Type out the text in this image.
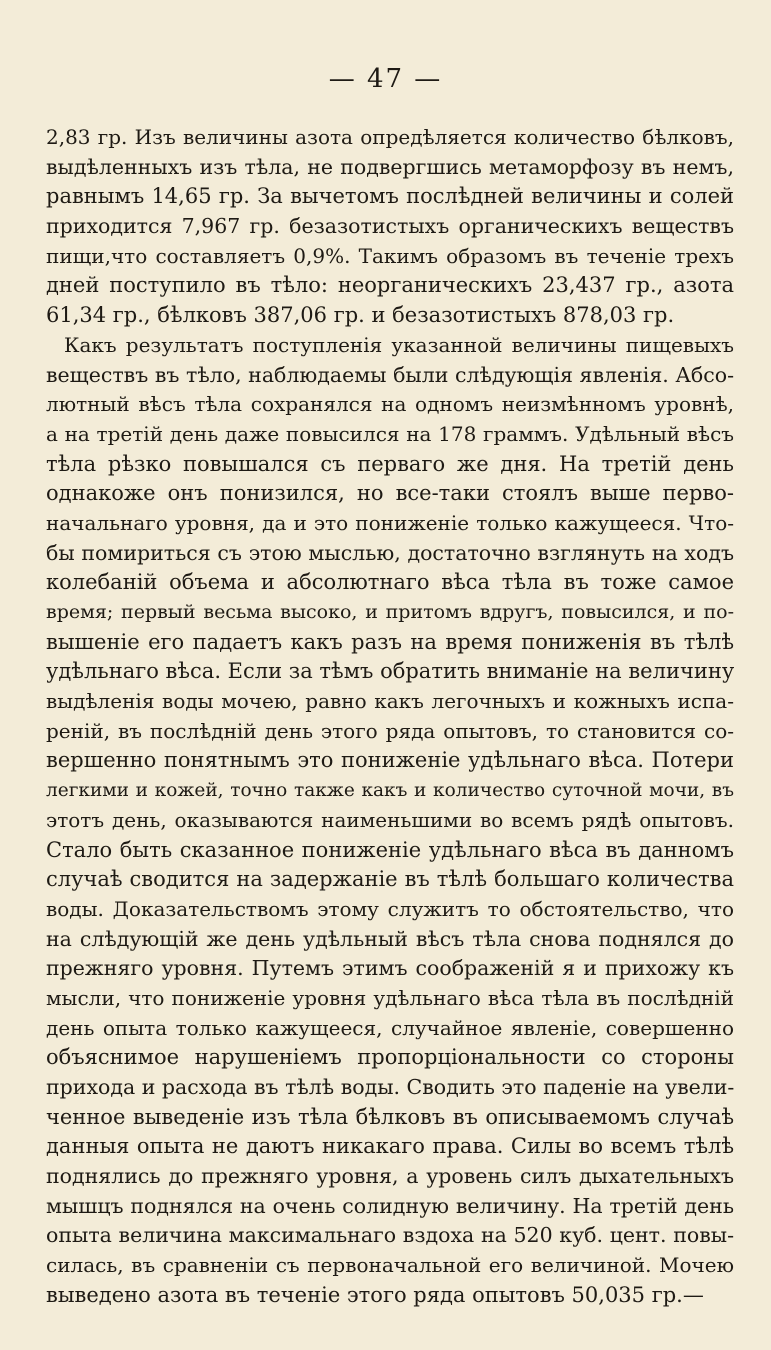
— 47 —
2,83 гр. Изъ величины азота опредѣляется количество бѣлковъ,
выдѣленныхъ изъ тѣла, не подвергшись метаморфозу въ немъ,
равнымъ 14,65 гр. За вычетомъ послѣдней величины и солей
приходится 7,967 гр. безазотистыхъ органическихъ веществъ
пищи,что составляетъ 0,9%. Такимъ образомъ въ теченіе трехъ
дней поступило въ тѣло: неорганическихъ 23,437 гр., азота
61,34 гр., бѣлковъ 387,06 гр. и безазотистыхъ 878,03 гр.
Какъ результатъ поступленія указанной величины пищевыхъ
веществъ въ тѣло, наблюдаемы были слѣдующія явленія. Абсо-
лютный вѣсъ тѣла сохранялся на одномъ неизмѣнномъ уровнѣ,
а на третій день даже повысился на 178 граммъ. Удѣльный вѣсъ
тѣла рѣзко повышался съ перваго же дня. На третій день
однакоже онъ понизился, но все-таки стоялъ выше перво-
начальнаго уровня, да и это пониженіе только кажущееся. Что-
бы помириться съ этою мыслью, достаточно взглянуть на ходъ
колебаній объема и абсолютнаго вѣса тѣла въ тоже самое
время; первый весьма высоко, и притомъ вдругъ, повысился, и по-
вышеніе его падаетъ какъ разъ на время пониженія въ тѣлѣ
удѣльнаго вѣса. Если за тѣмъ обратить вниманіе на величину
выдѣленія воды мочею, равно какъ легочныхъ и кожныхъ испа-
реній, въ послѣдній день этого ряда опытовъ, то становится со-
вершенно понятнымъ это пониженіе удѣльнаго вѣса. Потери
легкими и кожей, точно также какъ и количество суточной мочи, въ
этотъ день, оказываются наименьшими во всемъ рядѣ опытовъ.
Стало быть сказанное пониженіе удѣльнаго вѣса въ данномъ
случаѣ сводится на задержаніе въ тѣлѣ большаго количества
воды. Доказательствомъ этому служитъ то обстоятельство, что
на слѣдующій же день удѣльный вѣсъ тѣла снова поднялся до
прежняго уровня. Путемъ этимъ соображеній я и прихожу къ
мысли, что пониженіе уровня удѣльнаго вѣса тѣла въ послѣдній
день опыта только кажущееся, случайное явленіе, совершенно
объяснимое нарушеніемъ пропорціональности со стороны
прихода и расхода въ тѣлѣ воды. Сводить это паденіе на увели-
ченное выведеніе изъ тѣла бѣлковъ въ описываемомъ случаѣ
данныя опыта не даютъ никакаго права. Силы во всемъ тѣлѣ
поднялись до прежняго уровня, а уровень силъ дыхательныхъ
мышцъ поднялся на очень солидную величину. На третій день
опыта величина максимальнаго вздоха на 520 куб. цент. повы-
силась, въ сравненіи съ первоначальной его величиной. Мочею
выведено азота въ теченіе этого ряда опытовъ 50,035 гр.—
